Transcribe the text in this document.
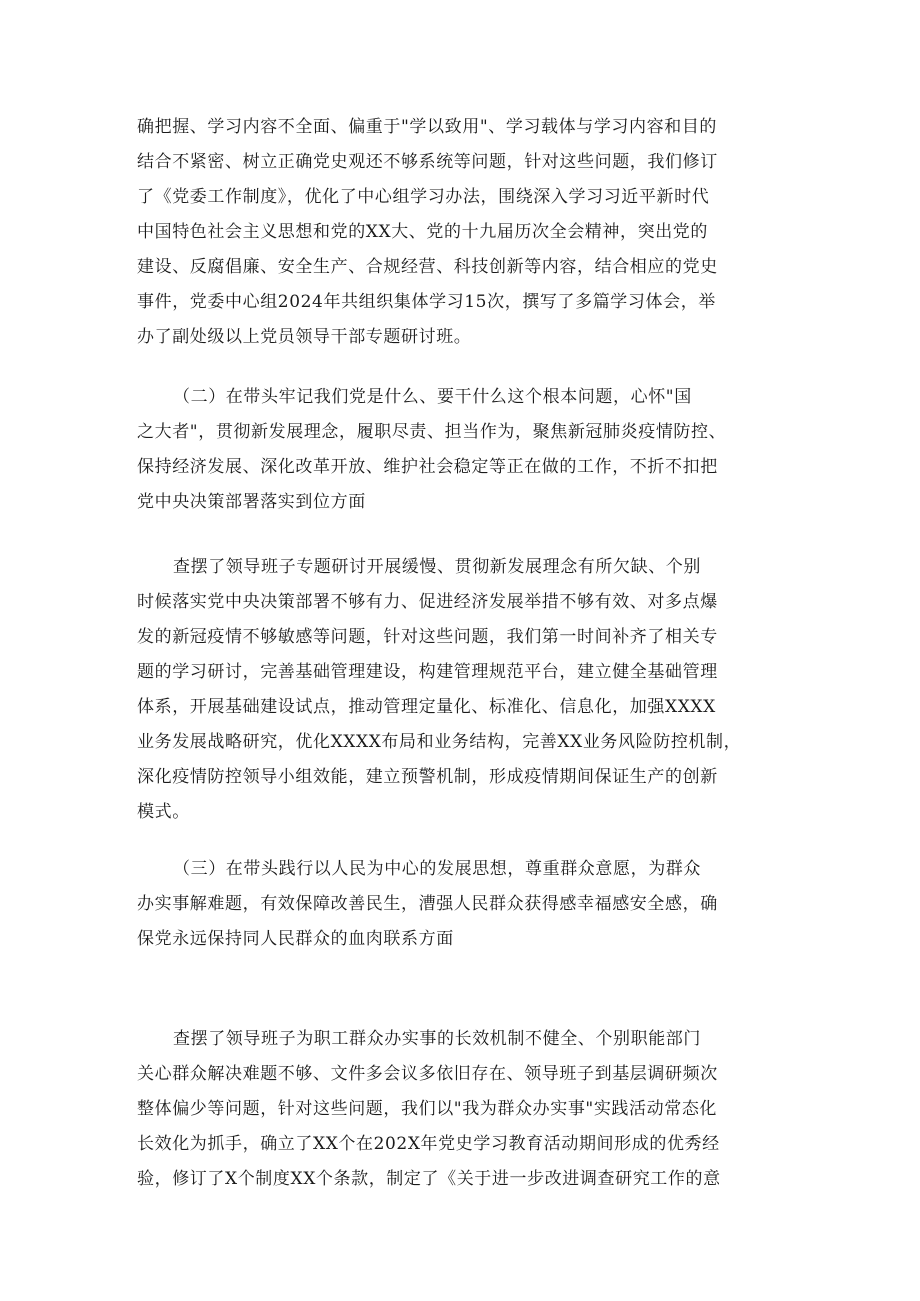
确把握、学习内容不全面、偏重于"学以致用"、学习载体与学习内容和目的
结合不紧密、树立正确党史观还不够系统等问题，针对这些问题，我们修订
了《党委工作制度》，优化了中心组学习办法，围绕深入学习习近平新时代
中国特色社会主义思想和党的XX大、党的十九届历次全会精神，突出党的
建设、反腐倡廉、安全生产、合规经营、科技创新等内容，结合相应的党史
事件，党委中心组2024年共组织集体学习15次，撰写了多篇学习体会，举
办了副处级以上党员领导干部专题研讨班。
（二）在带头牢记我们党是什么、要干什么这个根本问题，心怀"国
之大者"，贯彻新发展理念，履职尽责、担当作为，聚焦新冠肺炎疫情防控、
保持经济发展、深化改革开放、维护社会稳定等正在做的工作，不折不扣把
党中央决策部署落实到位方面
查摆了领导班子专题研讨开展缓慢、贯彻新发展理念有所欠缺、个别
时候落实党中央决策部署不够有力、促进经济发展举措不够有效、对多点爆
发的新冠疫情不够敏感等问题，针对这些问题，我们第一时间补齐了相关专
题的学习研讨，完善基础管理建设，构建管理规范平台，建立健全基础管理
体系，开展基础建设试点，推动管理定量化、标准化、信息化，加强XXXX
业务发展战略研究，优化XXXX布局和业务结构，完善XX业务风险防控机制，
深化疫情防控领导小组效能，建立预警机制，形成疫情期间保证生产的创新
模式。
（三）在带头践行以人民为中心的发展思想，尊重群众意愿，为群众
办实事解难题，有效保障改善民生，漕强人民群众获得感幸福感安全感，确
保党永远保持同人民群众的血肉联系方面
查摆了领导班子为职工群众办实事的长效机制不健全、个别职能部门
关心群众解决难题不够、文件多会议多依旧存在、领导班子到基层调研频次
整体偏少等问题，针对这些问题，我们以"我为群众办实事"实践活动常态化
长效化为抓手，确立了XX个在202X年党史学习教育活动期间形成的优秀经
验，修订了X个制度XX个条款，制定了《关于进一步改进调查研究工作的意
